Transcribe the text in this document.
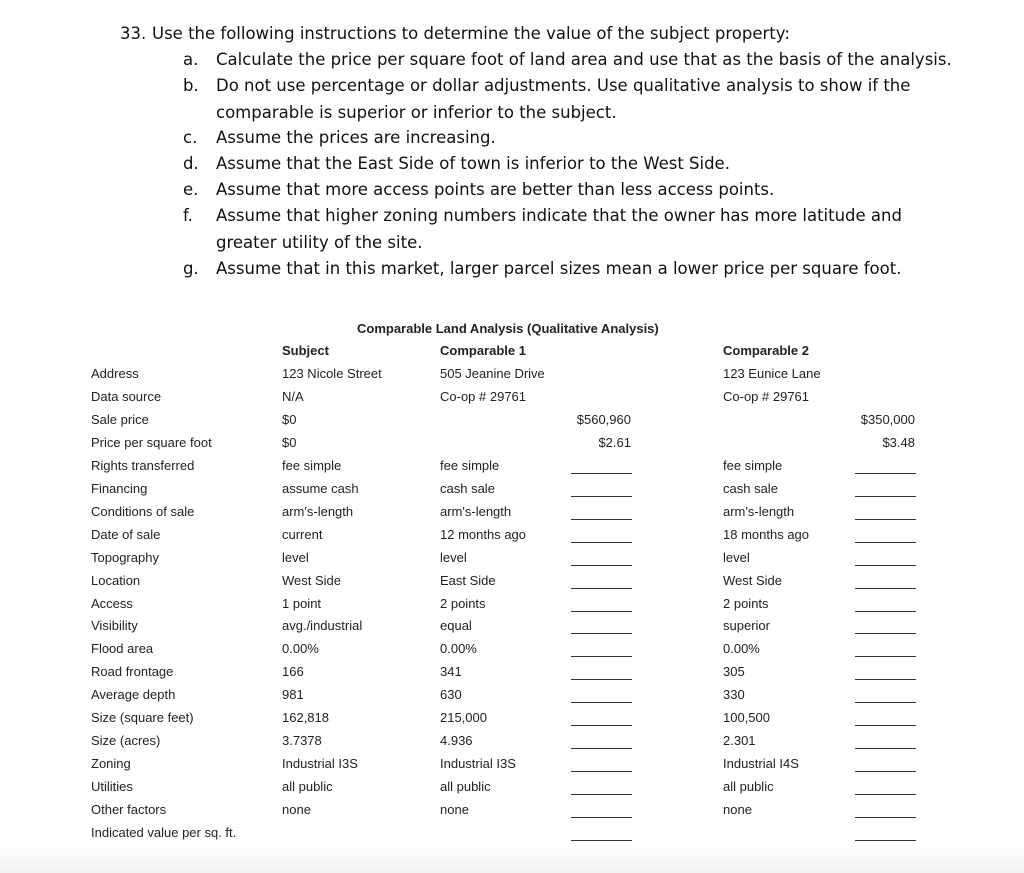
33. Use the following instructions to determine the value of the subject property:
a. Calculate the price per square foot of land area and use that as the basis of the analysis.
b. Do not use percentage or dollar adjustments. Use qualitative analysis to show if the
comparable is superior or inferior to the subject.
c. Assume the prices are increasing.
d. Assume that the East Side of town is inferior to the West Side.
e. Assume that more access points are better than less access points.
f. Assume that higher zoning numbers indicate that the owner has more latitude and
greater utility of the site.
g. Assume that in this market, larger parcel sizes mean a lower price per square foot.
Comparable Land Analysis (Qualitative Analysis)
Subject	Comparable 1	Comparable 2
Address	123 Nicole Street	505 Jeanine Drive	123 Eunice Lane
Data source	N/A	Co-op # 29761	Co-op # 29761
Sale price	$0	$560,960	$350,000
Price per square foot	$0	$2.61	$3.48
Rights transferred	fee simple	fee simple	fee simple
Financing	assume cash	cash sale	cash sale
Conditions of sale	arm's-length	arm's-length	arm's-length
Date of sale	current	12 months ago	18 months ago
Topography	level	level	level
Location	West Side	East Side	West Side
Access	1 point	2 points	2 points
Visibility	avg./industrial	equal	superior
Flood area	0.00%	0.00%	0.00%
Road frontage	166	341	305
Average depth	981	630	330
Size (square feet)	162,818	215,000	100,500
Size (acres)	3.7378	4.936	2.301
Zoning	Industrial I3S	Industrial I3S	Industrial I4S
Utilities	all public	all public	all public
Other factors	none	none	none
Indicated value per sq. ft.
